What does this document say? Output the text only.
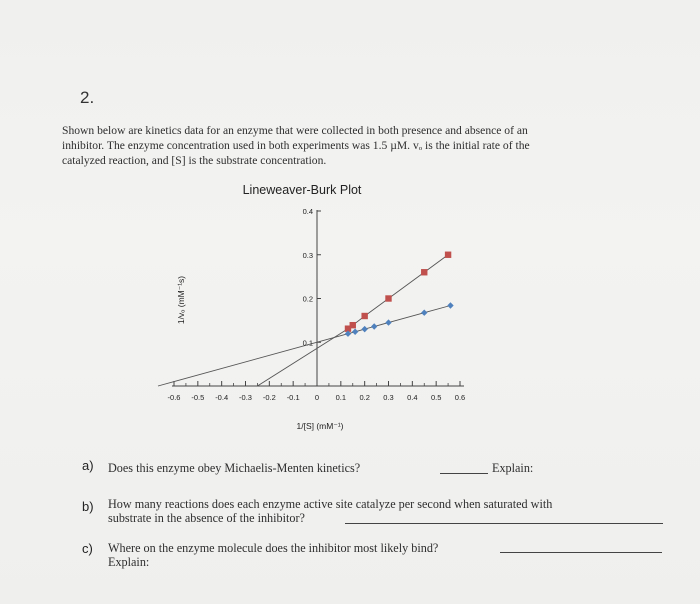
2.
Shown below are kinetics data for an enzyme that were collected in both presence and absence of an
inhibitor. The enzyme concentration used in both experiments was 1.5 µM. vₒ is the initial rate of the
catalyzed reaction, and [S] is the substrate concentration.
Lineweaver-Burk Plot
1/[S] (mM⁻¹)
1/vₒ (mM⁻¹s)
-0.6 -0.5 -0.4 -0.3 -0.2 -0.1 0 0.1 0.2 0.3 0.4 0.5 0.6
0.1
0.2
0.3
0.4
a) Does this enzyme obey Michaelis-Menten kinetics?	Explain:
b) How many reactions does each enzyme active site catalyze per second when saturated with
substrate in the absence of the inhibitor?
c) Where on the enzyme molecule does the inhibitor most likely bind?
Explain:
